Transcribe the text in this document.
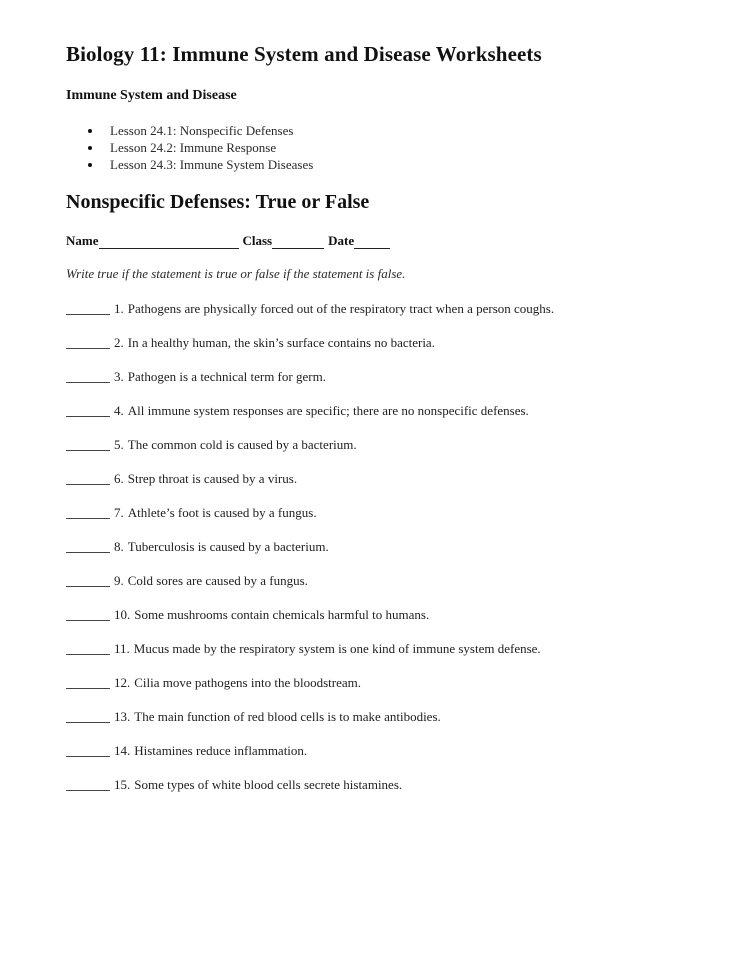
Biology 11: Immune System and Disease Worksheets
Immune System and Disease
Lesson 24.1: Nonspecific Defenses
Lesson 24.2: Immune Response
Lesson 24.3: Immune System Diseases
Nonspecific Defenses: True or False
Name	Class	Date
Write true if the statement is true or false if the statement is false.
1. Pathogens are physically forced out of the respiratory tract when a person coughs.
2. In a healthy human, the skin’s surface contains no bacteria.
3. Pathogen is a technical term for germ.
4. All immune system responses are specific; there are no nonspecific defenses.
5. The common cold is caused by a bacterium.
6. Strep throat is caused by a virus.
7. Athlete’s foot is caused by a fungus.
8. Tuberculosis is caused by a bacterium.
9. Cold sores are caused by a fungus.
10. Some mushrooms contain chemicals harmful to humans.
11. Mucus made by the respiratory system is one kind of immune system defense.
12. Cilia move pathogens into the bloodstream.
13. The main function of red blood cells is to make antibodies.
14. Histamines reduce inflammation.
15. Some types of white blood cells secrete histamines.
